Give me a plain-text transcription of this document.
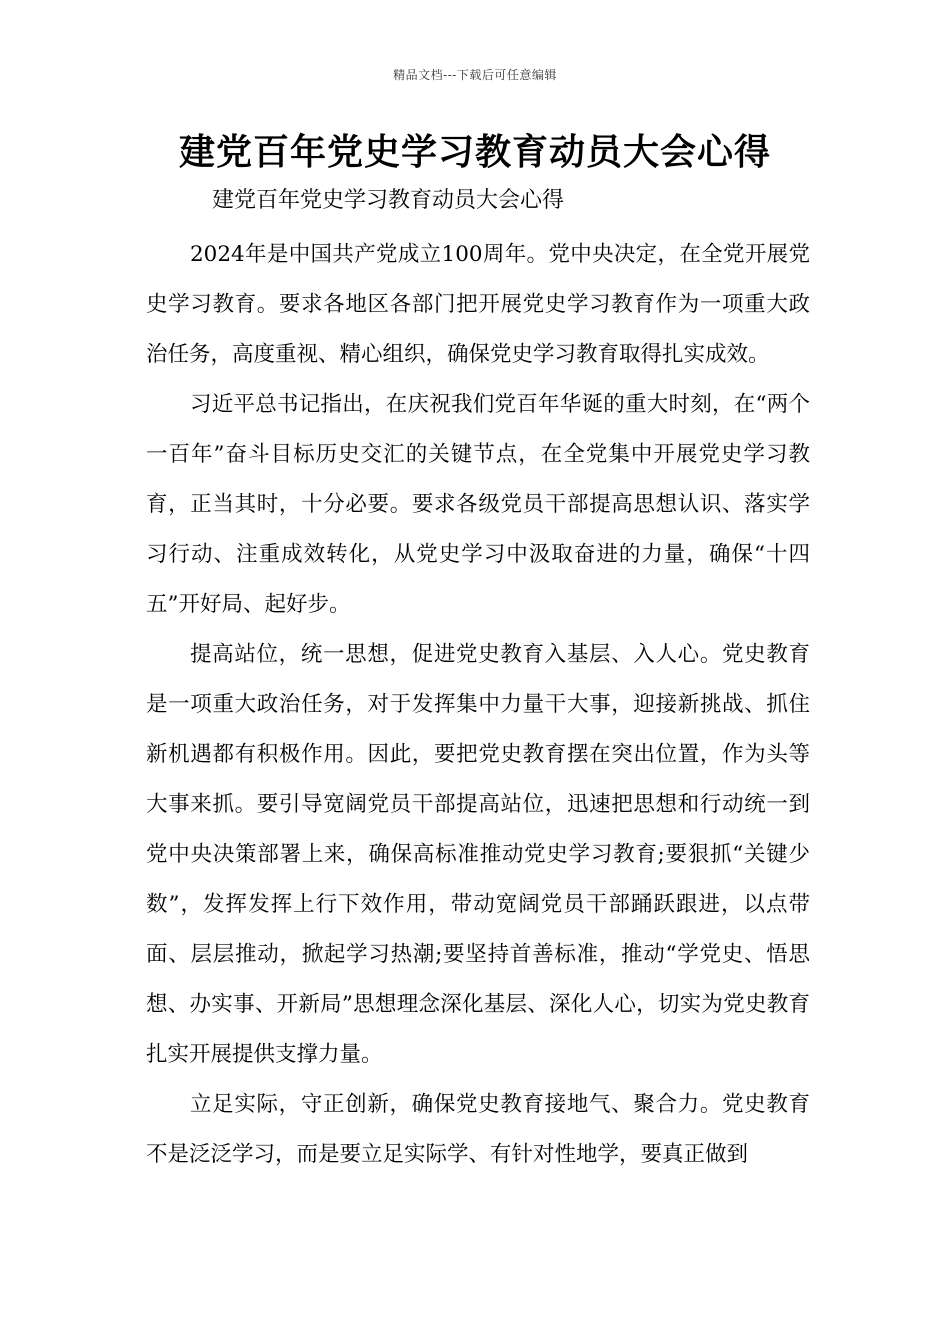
精品文档---下载后可任意编辑
建党百年党史学习教育动员大会心得
建党百年党史学习教育动员大会心得

2024年是中国共产党成立100周年。党中央决定，在全党开展党史学习教育。要求各地区各部门把开展党史学习教育作为一项重大政治任务，高度重视、精心组织，确保党史学习教育取得扎实成效。

习近平总书记指出，在庆祝我们党百年华诞的重大时刻，在“两个一百年”奋斗目标历史交汇的关键节点，在全党集中开展党史学习教育，正当其时，十分必要。要求各级党员干部提高思想认识、落实学习行动、注重成效转化，从党史学习中汲取奋进的力量，确保“十四五”开好局、起好步。

提高站位，统一思想，促进党史教育入基层、入人心。党史教育是一项重大政治任务，对于发挥集中力量干大事，迎接新挑战、抓住新机遇都有积极作用。因此，要把党史教育摆在突出位置，作为头等大事来抓。要引导宽阔党员干部提高站位，迅速把思想和行动统一到党中央决策部署上来，确保高标准推动党史学习教育;要狠抓“关键少数”，发挥发挥上行下效作用，带动宽阔党员干部踊跃跟进，以点带面、层层推动，掀起学习热潮;要坚持首善标准，推动“学党史、悟思想、办实事、开新局”思想理念深化基层、深化人心，切实为党史教育扎实开展提供支撑力量。

立足实际，守正创新，确保党史教育接地气、聚合力。党史教育不是泛泛学习，而是要立足实际学、有针对性地学，要真正做到
